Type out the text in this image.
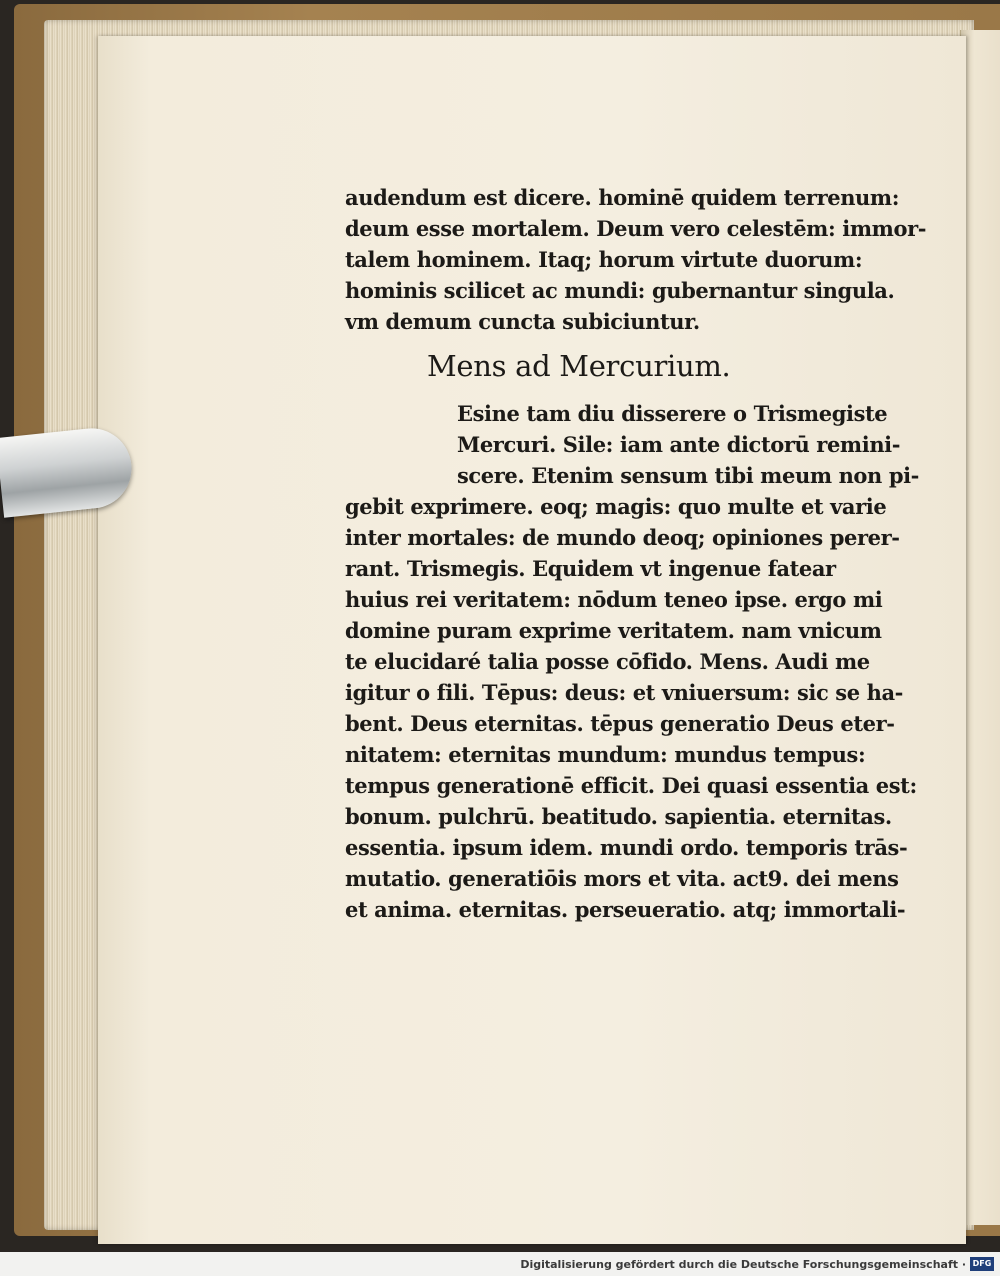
audendum est dicere. hominē quidem terrenum:
deum esse mortalem. Deum vero celestēm: immor-
talem hominem. Itaq; horum virtute duorum:
hominis scilicet ac mundi: gubernantur singula.
vm demum cuncta subiciuntur.
Mens ad Mercurium.
Esine tam diu disserere o Trismegiste
Mercuri. Sile: iam ante dictorū remini-
scere. Etenim sensum tibi meum non pi-
gebit exprimere. eoq; magis: quo multe et varie
inter mortales: de mundo deoq; opiniones perer-
rant. Trismegis. Equidem vt ingenue fatear
huius rei veritatem: nōdum teneo ipse. ergo mi
domine puram exprime veritatem. nam vnicum
te elucidaré talia posse cōfido. Mens. Audi me
igitur o fili. Tēpus: deus: et vniuersum: sic se ha-
bent. Deus eternitas. tēpus generatio Deus eter-
nitatem: eternitas mundum: mundus tempus:
tempus generationē efficit. Dei quasi essentia est:
bonum. pulchrū. beatitudo. sapientia. eternitas.
essentia. ipsum idem. mundi ordo. temporis trās-
mutatio. generatiōis mors et vita. act9. dei mens
et anima. eternitas. perseueratio. atq; immortali-
Digitalisierung gefördert durch die Deutsche Forschungsgemeinschaft · DFG
